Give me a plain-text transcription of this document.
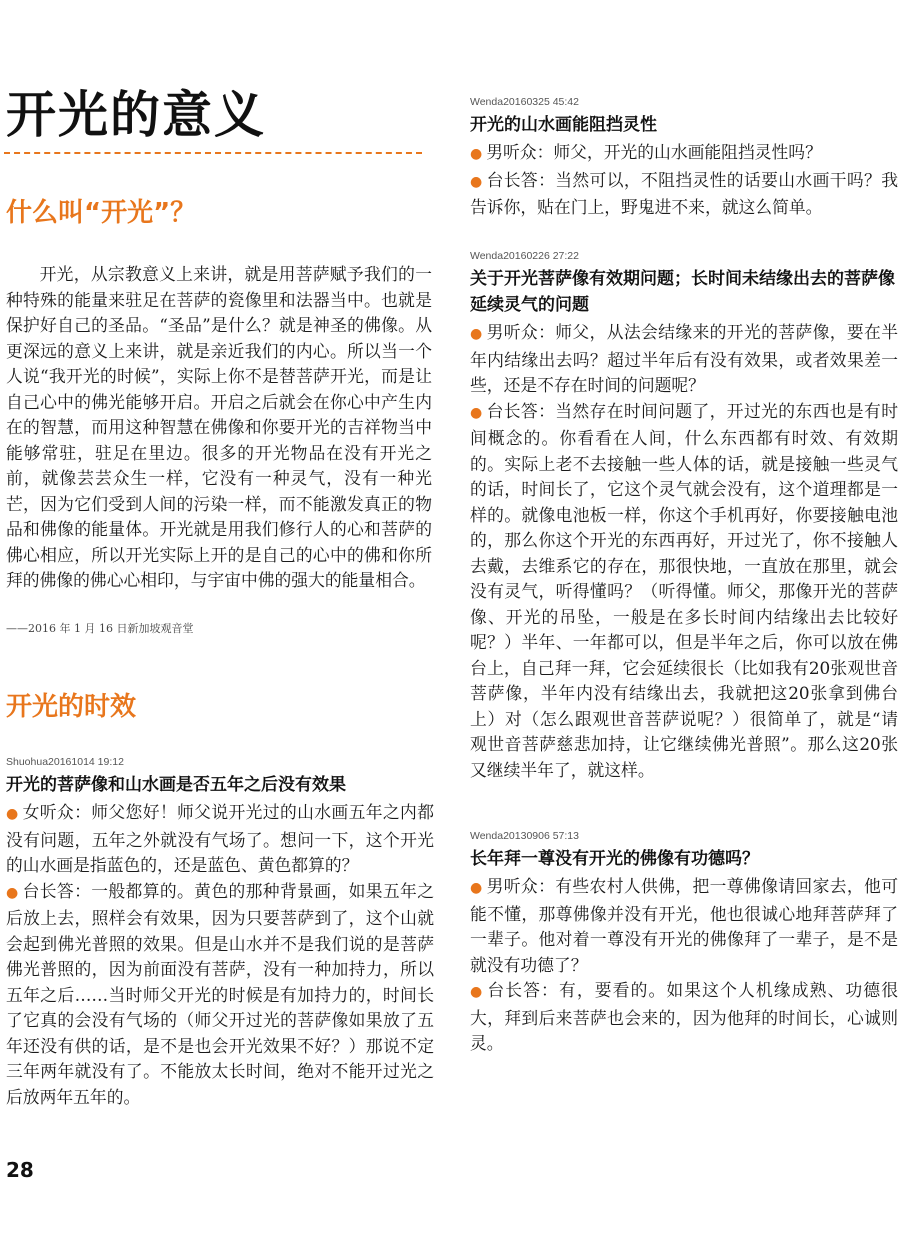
开光的意义
什么叫“开光”？

开光，从宗教意义上来讲，就是用菩萨赋予我们的一种特殊的能量来驻足在菩萨的瓷像里和法器当中。也就是保护好自己的圣品。“圣品”是什么？就是神圣的佛像。从更深远的意义上来讲，就是亲近我们的内心。所以当一个人说“我开光的时候”，实际上你不是替菩萨开光，而是让自己心中的佛光能够开启。开启之后就会在你心中产生内在的智慧，而用这种智慧在佛像和你要开光的吉祥物当中能够常驻，驻足在里边。很多的开光物品在没有开光之前，就像芸芸众生一样，它没有一种灵气，没有一种光芒，因为它们受到人间的污染一样，而不能激发真正的物品和佛像的能量体。开光就是用我们修行人的心和菩萨的佛心相应，所以开光实际上开的是自己的心中的佛和你所拜的佛像的佛心心相印，与宇宙中佛的强大的能量相合。

——2016 年 1 月 16 日新加坡观音堂
开光的时效
Shuohua20161014 19:12
开光的菩萨像和山水画是否五年之后没有效果

● 女听众：师父您好！师父说开光过的山水画五年之内都没有问题，五年之外就没有气场了。想问一下，这个开光的山水画是指蓝色的，还是蓝色、黄色都算的？

● 台长答：一般都算的。黄色的那种背景画，如果五年之后放上去，照样会有效果，因为只要菩萨到了，这个山就会起到佛光普照的效果。但是山水并不是我们说的是菩萨佛光普照的，因为前面没有菩萨，没有一种加持力，所以五年之后……当时师父开光的时候是有加持力的，时间长了它真的会没有气场的（师父开过光的菩萨像如果放了五年还没有供的话，是不是也会开光效果不好？）那说不定三年两年就没有了。不能放太长时间，绝对不能开过光之后放两年五年的。

Wenda20160325 45:42
开光的山水画能阻挡灵性

● 男听众：师父，开光的山水画能阻挡灵性吗？

● 台长答：当然可以，不阻挡灵性的话要山水画干吗？我告诉你，贴在门上，野鬼进不来，就这么简单。

Wenda20160226 27:22
关于开光菩萨像有效期问题；长时间未结缘出去的菩萨像延续灵气的问题

● 男听众：师父，从法会结缘来的开光的菩萨像，要在半年内结缘出去吗？超过半年后有没有效果，或者效果差一些，还是不存在时间的问题呢？

● 台长答：当然存在时间问题了，开过光的东西也是有时间概念的。你看看在人间，什么东西都有时效、有效期的。实际上老不去接触一些人体的话，就是接触一些灵气的话，时间长了，它这个灵气就会没有，这个道理都是一样的。就像电池板一样，你这个手机再好，你要接触电池的，那么你这个开光的东西再好，开过光了，你不接触人去戴，去维系它的存在，那很快地，一直放在那里，就会没有灵气，听得懂吗？（听得懂。师父，那像开光的菩萨像、开光的吊坠，一般是在多长时间内结缘出去比较好呢？）半年、一年都可以，但是半年之后，你可以放在佛台上，自己拜一拜，它会延续很长（比如我有20张观世音菩萨像，半年内没有结缘出去，我就把这20张拿到佛台上）对（怎么跟观世音菩萨说呢？）很简单了，就是“请观世音菩萨慈悲加持，让它继续佛光普照”。那么这20张又继续半年了，就这样。

Wenda20130906 57:13
长年拜一尊没有开光的佛像有功德吗？

● 男听众：有些农村人供佛，把一尊佛像请回家去，他可能不懂，那尊佛像并没有开光，他也很诚心地拜菩萨拜了一辈子。他对着一尊没有开光的佛像拜了一辈子，是不是就没有功德了？

● 台长答：有，要看的。如果这个人机缘成熟、功德很大，拜到后来菩萨也会来的，因为他拜的时间长，心诚则灵。

28
